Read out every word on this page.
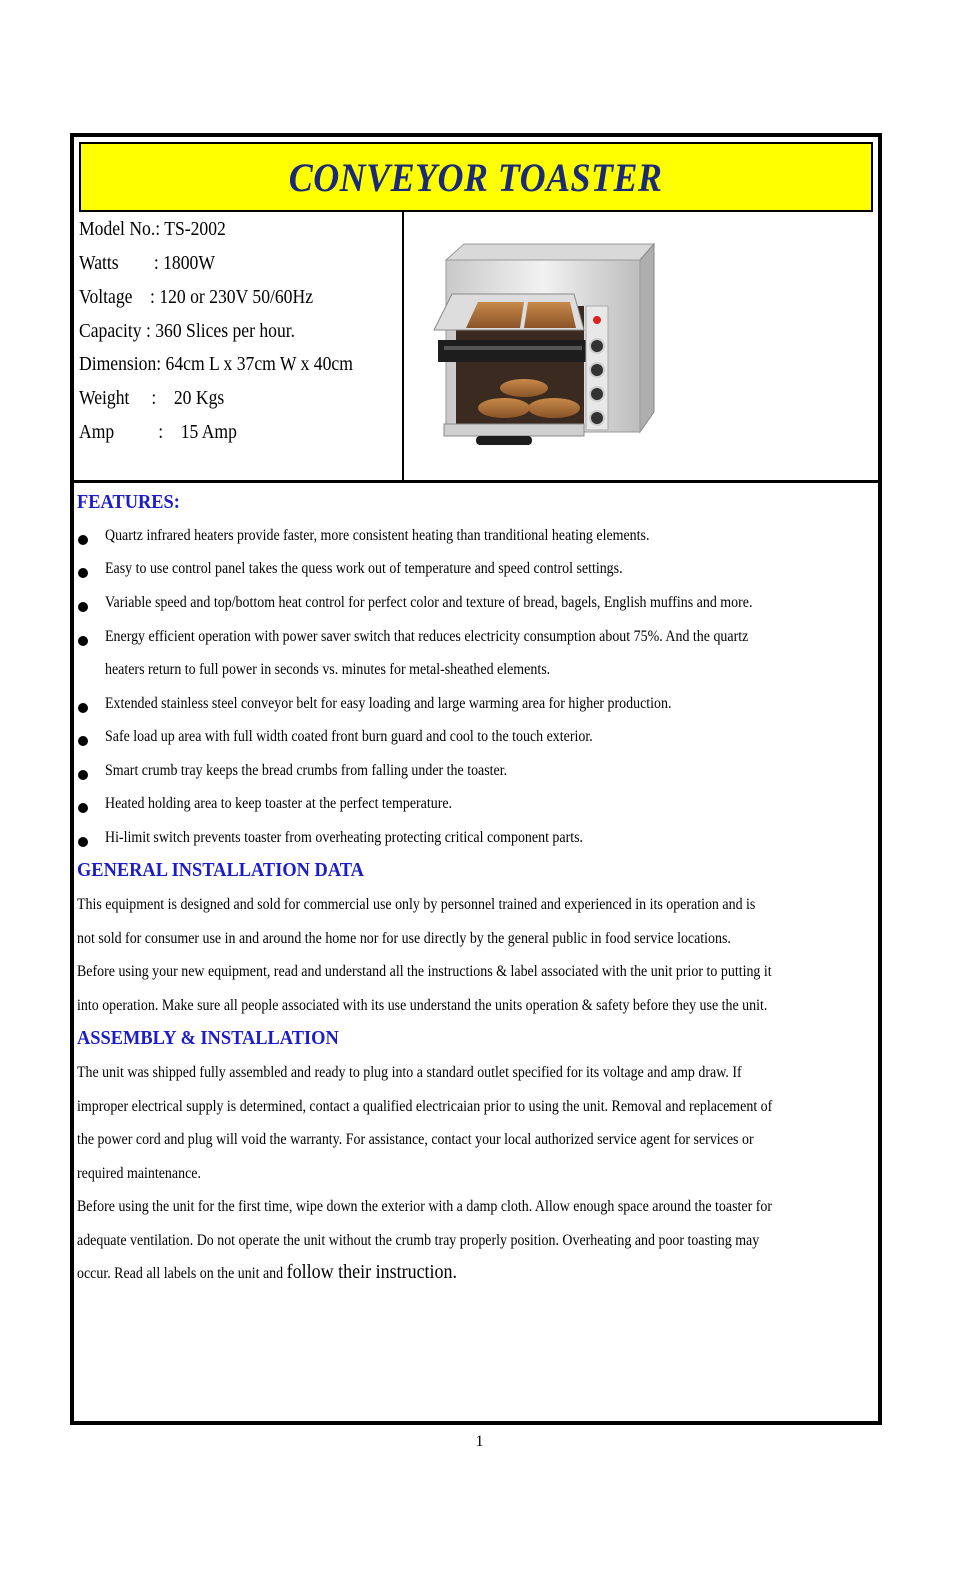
CONVEYOR TOASTER
Model No.: TS-2002
Watts        : 1800W
Voltage    : 120 or 230V 50/60Hz
Capacity : 360 Slices per hour.
Dimension: 64cm L x 37cm W x 40cm
Weight     :    20 Kgs
Amp          :    15 Amp
FEATURES:
Quartz infrared heaters provide faster, more consistent heating than tranditional heating elements.
Easy to use control panel takes the quess work out of temperature and speed control settings.
Variable speed and top/bottom heat control for perfect color and texture of bread, bagels, English muffins and more.
Energy efficient operation with power saver switch that reduces electricity consumption about 75%. And the quartz
heaters return to full power in seconds vs. minutes for metal-sheathed elements.
Extended stainless steel conveyor belt for easy loading and large warming area for higher production.
Safe load up area with full width coated front burn guard and cool to the touch exterior.
Smart crumb tray keeps the bread crumbs from falling under the toaster.
Heated holding area to keep toaster at the perfect temperature.
Hi-limit switch prevents toaster from overheating protecting critical component parts.
GENERAL INSTALLATION DATA
This equipment is designed and sold for commercial use only by personnel trained and experienced in its operation and is
not sold for consumer use in and around the home nor for use directly by the general public in food service locations.
Before using your new equipment, read and understand all the instructions & label associated with the unit prior to putting it
into operation. Make sure all people associated with its use understand the units operation & safety before they use the unit.
ASSEMBLY & INSTALLATION
The unit was shipped fully assembled and ready to plug into a standard outlet specified for its voltage and amp draw. If
improper electrical supply is determined, contact a qualified electricaian prior to using the unit. Removal and replacement of
the power cord and plug will void the warranty. For assistance, contact your local authorized service agent for services or
required maintenance.
Before using the unit for the first time, wipe down the exterior with a damp cloth. Allow enough space around the toaster for
adequate ventilation. Do not operate the unit without the crumb tray properly position. Overheating and poor toasting may
occur. Read all labels on the unit and follow their instruction.
1
